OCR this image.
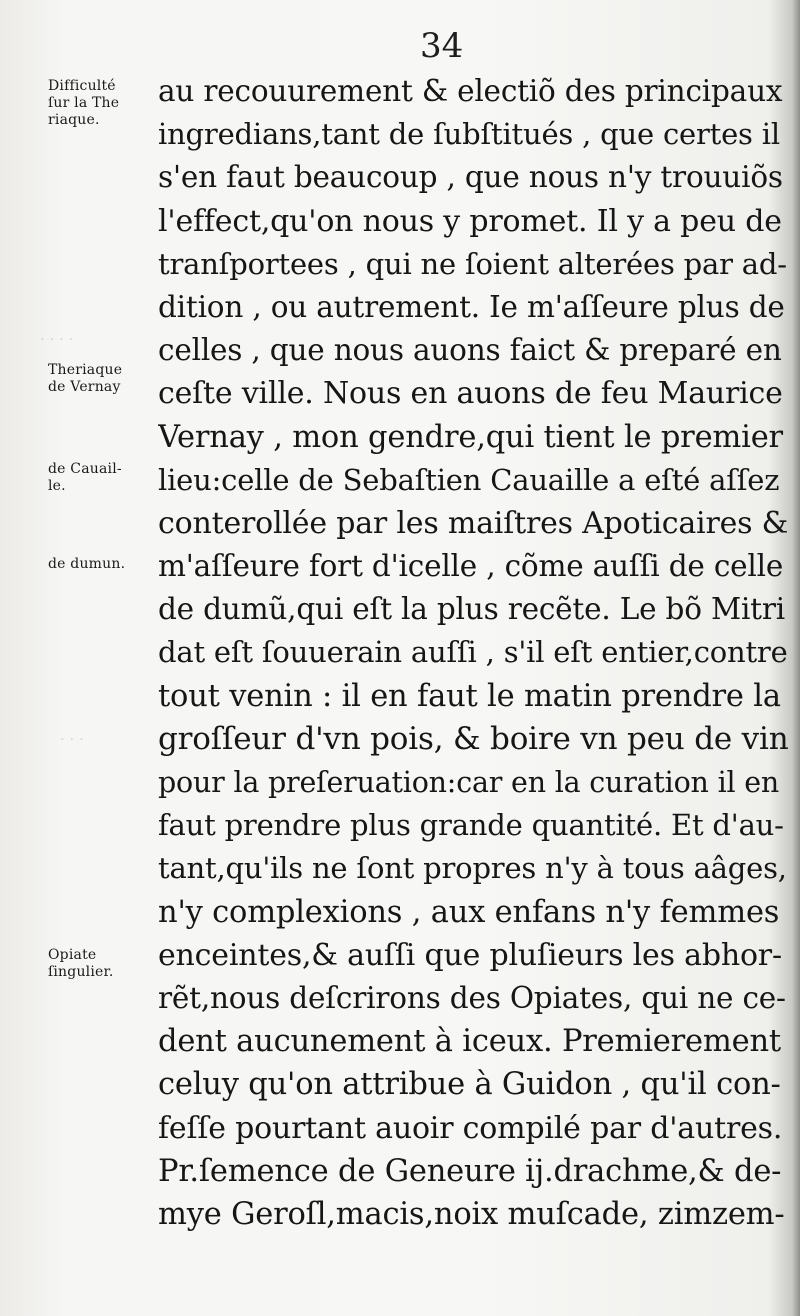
· · · ·
· · ·
34
Difficulté
ſur la The
riaque.
Theriaque
de Vernay
de Cauail-
le.
de dumun.
Opiate
ſingulier.
au recouurement & electiõ des principaux
ingredians,tant de ſubſtitués , que certes il
s'en faut beaucoup , que nous n'y trouuiõs
l'effect,qu'on nous y promet. Il y a peu de
tranſportees , qui ne ſoient alterées par ad-
dition , ou autrement. Ie m'aſſeure plus de
celles , que nous auons faict & preparé en
ceſte ville. Nous en auons de feu Maurice
Vernay , mon gendre,qui tient le premier
lieu:celle de Sebaſtien Cauaille a eſté aſſez
conterollée par les maiſtres Apoticaires &
m'aſſeure fort d'icelle , cõme auſſi de celle
de dumũ,qui eſt la plus recẽte. Le bõ Mitri
dat eſt ſouuerain auſſi , s'il eſt entier,contre
tout venin : il en faut le matin prendre la
groſſeur d'vn pois, & boire vn peu de vin
pour la preſeruation:car en la curation il en
faut prendre plus grande quantité. Et d'au-
tant,qu'ils ne ſont propres n'y à tous aâges,
n'y complexions , aux enfans n'y femmes
enceintes,& auſſi que pluſieurs les abhor-
rẽt,nous deſcrirons des Opiates, qui ne ce-
dent aucunement à iceux. Premierement
celuy qu'on attribue à Guidon , qu'il con-
feſſe pourtant auoir compilé par d'autres.
Pr.ſemence de Geneure ij.drachme,& de-
mye Geroſl,macis,noix muſcade, zimzem-
